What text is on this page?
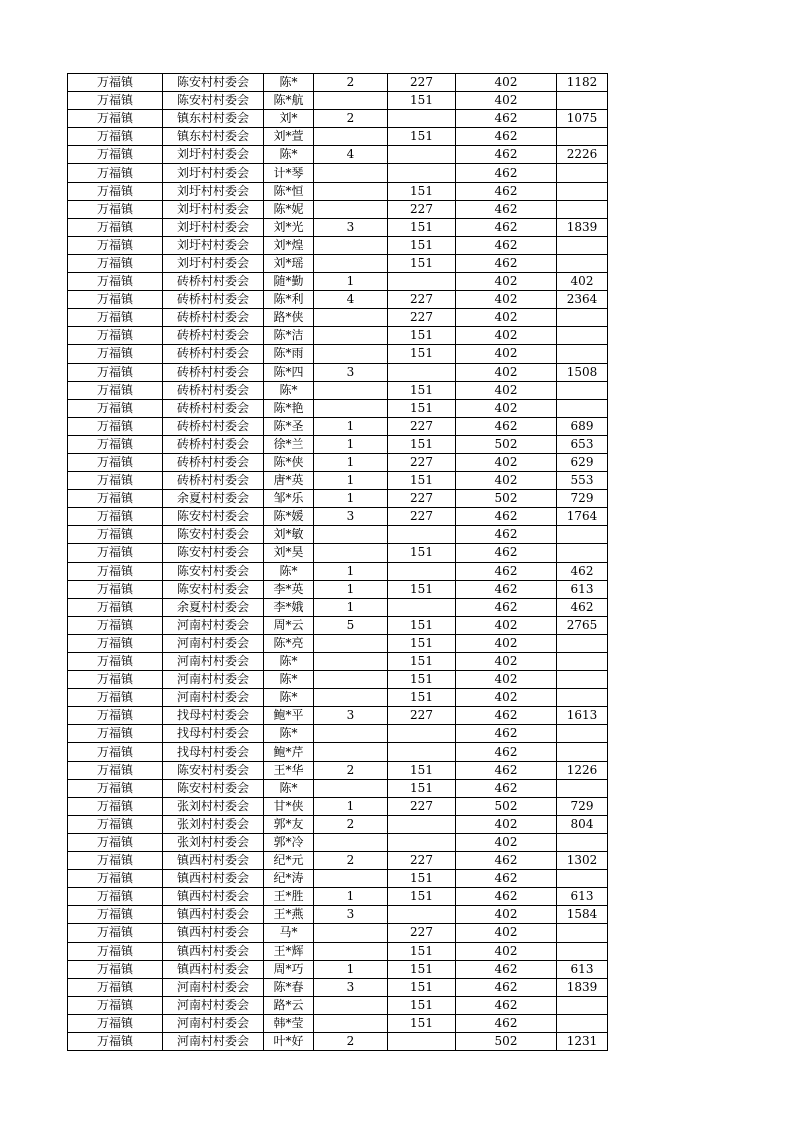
万福镇	陈安村村委会	陈*	2	227	402	1182
万福镇	陈安村村委会	陈*航		151	402	
万福镇	镇东村村委会	刘*	2		462	1075
万福镇	镇东村村委会	刘*萱		151	462	
万福镇	刘圩村村委会	陈*	4		462	2226
万福镇	刘圩村村委会	计*琴			462	
万福镇	刘圩村村委会	陈*恒		151	462	
万福镇	刘圩村村委会	陈*妮		227	462	
万福镇	刘圩村村委会	刘*光	3	151	462	1839
万福镇	刘圩村村委会	刘*煌		151	462	
万福镇	刘圩村村委会	刘*瑶		151	462	
万福镇	砖桥村村委会	随*勤	1		402	402
万福镇	砖桥村村委会	陈*利	4	227	402	2364
万福镇	砖桥村村委会	路*侠		227	402	
万福镇	砖桥村村委会	陈*洁		151	402	
万福镇	砖桥村村委会	陈*雨		151	402	
万福镇	砖桥村村委会	陈*四	3		402	1508
万福镇	砖桥村村委会	陈*		151	402	
万福镇	砖桥村村委会	陈*艳		151	402	
万福镇	砖桥村村委会	陈*圣	1	227	462	689
万福镇	砖桥村村委会	徐*兰	1	151	502	653
万福镇	砖桥村村委会	陈*侠	1	227	402	629
万福镇	砖桥村村委会	唐*英	1	151	402	553
万福镇	余夏村村委会	邹*乐	1	227	502	729
万福镇	陈安村村委会	陈*媛	3	227	462	1764
万福镇	陈安村村委会	刘*敏			462	
万福镇	陈安村村委会	刘*昊		151	462	
万福镇	陈安村村委会	陈*	1		462	462
万福镇	陈安村村委会	李*英	1	151	462	613
万福镇	余夏村村委会	李*娥	1		462	462
万福镇	河南村村委会	周*云	5	151	402	2765
万福镇	河南村村委会	陈*亮		151	402	
万福镇	河南村村委会	陈*		151	402	
万福镇	河南村村委会	陈*		151	402	
万福镇	河南村村委会	陈*		151	402	
万福镇	找母村村委会	鲍*平	3	227	462	1613
万福镇	找母村村委会	陈*			462	
万福镇	找母村村委会	鲍*芹			462	
万福镇	陈安村村委会	王*华	2	151	462	1226
万福镇	陈安村村委会	陈*		151	462	
万福镇	张刘村村委会	甘*侠	1	227	502	729
万福镇	张刘村村委会	郭*友	2		402	804
万福镇	张刘村村委会	郭*冷			402	
万福镇	镇西村村委会	纪*元	2	227	462	1302
万福镇	镇西村村委会	纪*涛		151	462	
万福镇	镇西村村委会	王*胜	1	151	462	613
万福镇	镇西村村委会	王*燕	3		402	1584
万福镇	镇西村村委会	马*		227	402	
万福镇	镇西村村委会	王*辉		151	402	
万福镇	镇西村村委会	周*巧	1	151	462	613
万福镇	河南村村委会	陈*春	3	151	462	1839
万福镇	河南村村委会	路*云		151	462	
万福镇	河南村村委会	韩*莹		151	462	
万福镇	河南村村委会	叶*好	2		502	1231
